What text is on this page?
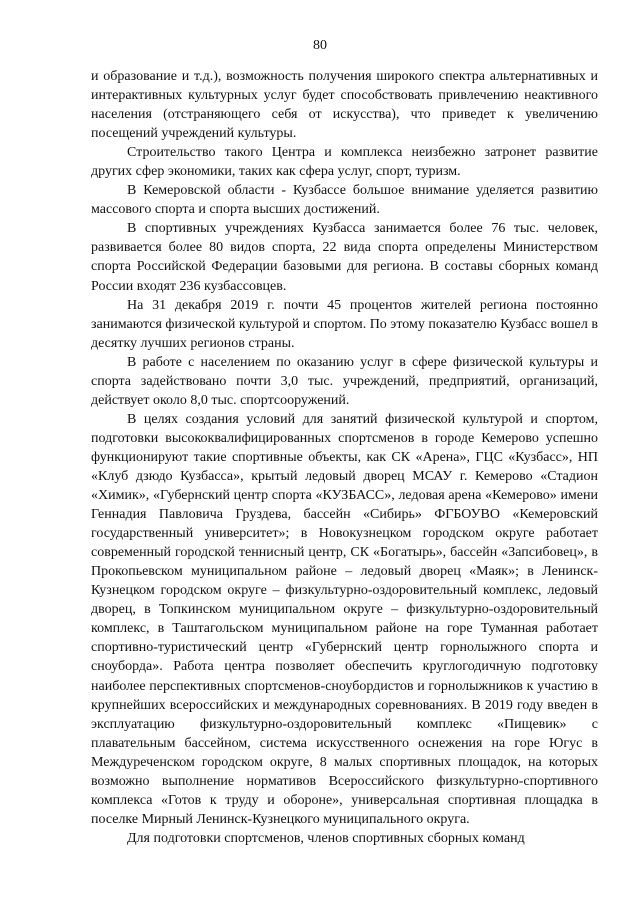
80

и образование и т.д.), возможность получения широкого спектра альтернативных и интерактивных культурных услуг будет способствовать привлечению неактивного населения (отстраняющего себя от искусства), что приведет к увеличению посещений учреждений культуры.

Строительство такого Центра и комплекса неизбежно затронет развитие других сфер экономики, таких как сфера услуг, спорт, туризм.

В Кемеровской области - Кузбассе большое внимание уделяется развитию массового спорта и спорта высших достижений.

В спортивных учреждениях Кузбасса занимается более 76 тыс. человек, развивается более 80 видов спорта, 22 вида спорта определены Министерством спорта Российской Федерации базовыми для региона. В составы сборных команд России входят 236 кузбассовцев.

На 31 декабря 2019 г. почти 45 процентов жителей региона постоянно занимаются физической культурой и спортом. По этому показателю Кузбасс вошел в десятку лучших регионов страны.

В работе с населением по оказанию услуг в сфере физической культуры и спорта задействовано почти 3,0 тыс. учреждений, предприятий, организаций, действует около 8,0 тыс. спортсооружений.

В целях создания условий для занятий физической культурой и спортом, подготовки высококвалифицированных спортсменов в городе Кемерово успешно функционируют такие спортивные объекты, как СК «Арена», ГЦС «Кузбасс», НП «Клуб дзюдо Кузбасса», крытый ледовый дворец МСАУ г. Кемерово «Стадион «Химик», «Губернский центр спорта «КУЗБАСС», ледовая арена «Кемерово» имени Геннадия Павловича Груздева, бассейн «Сибирь» ФГБОУВО «Кемеровский государственный университет»; в Новокузнецком городском округе работает современный городской теннисный центр, СК «Богатырь», бассейн «Запсибовец», в Прокопьевском муниципальном районе – ледовый дворец «Маяк»; в Ленинск-Кузнецком городском округе – физкультурно-оздоровительный комплекс, ледовый дворец, в Топкинском муниципальном округе – физкультурно-оздоровительный комплекс, в Таштагольском муниципальном районе на горе Туманная работает спортивно-туристический центр «Губернский центр горнолыжного спорта и сноуборда». Работа центра позволяет обеспечить круглогодичную подготовку наиболее перспективных спортсменов-сноубордистов и горнолыжников к участию в крупнейших всероссийских и международных соревнованиях. В 2019 году введен в эксплуатацию физкультурно-оздоровительный комплекс «Пищевик» с плавательным бассейном, система искусственного оснежения на горе Югус в Междуреченском городском округе, 8 малых спортивных площадок, на которых возможно выполнение нормативов Всероссийского физкультурно-спортивного комплекса «Готов к труду и обороне», универсальная спортивная площадка в поселке Мирный Ленинск-Кузнецкого муниципального округа.

Для подготовки спортсменов, членов спортивных сборных команд
